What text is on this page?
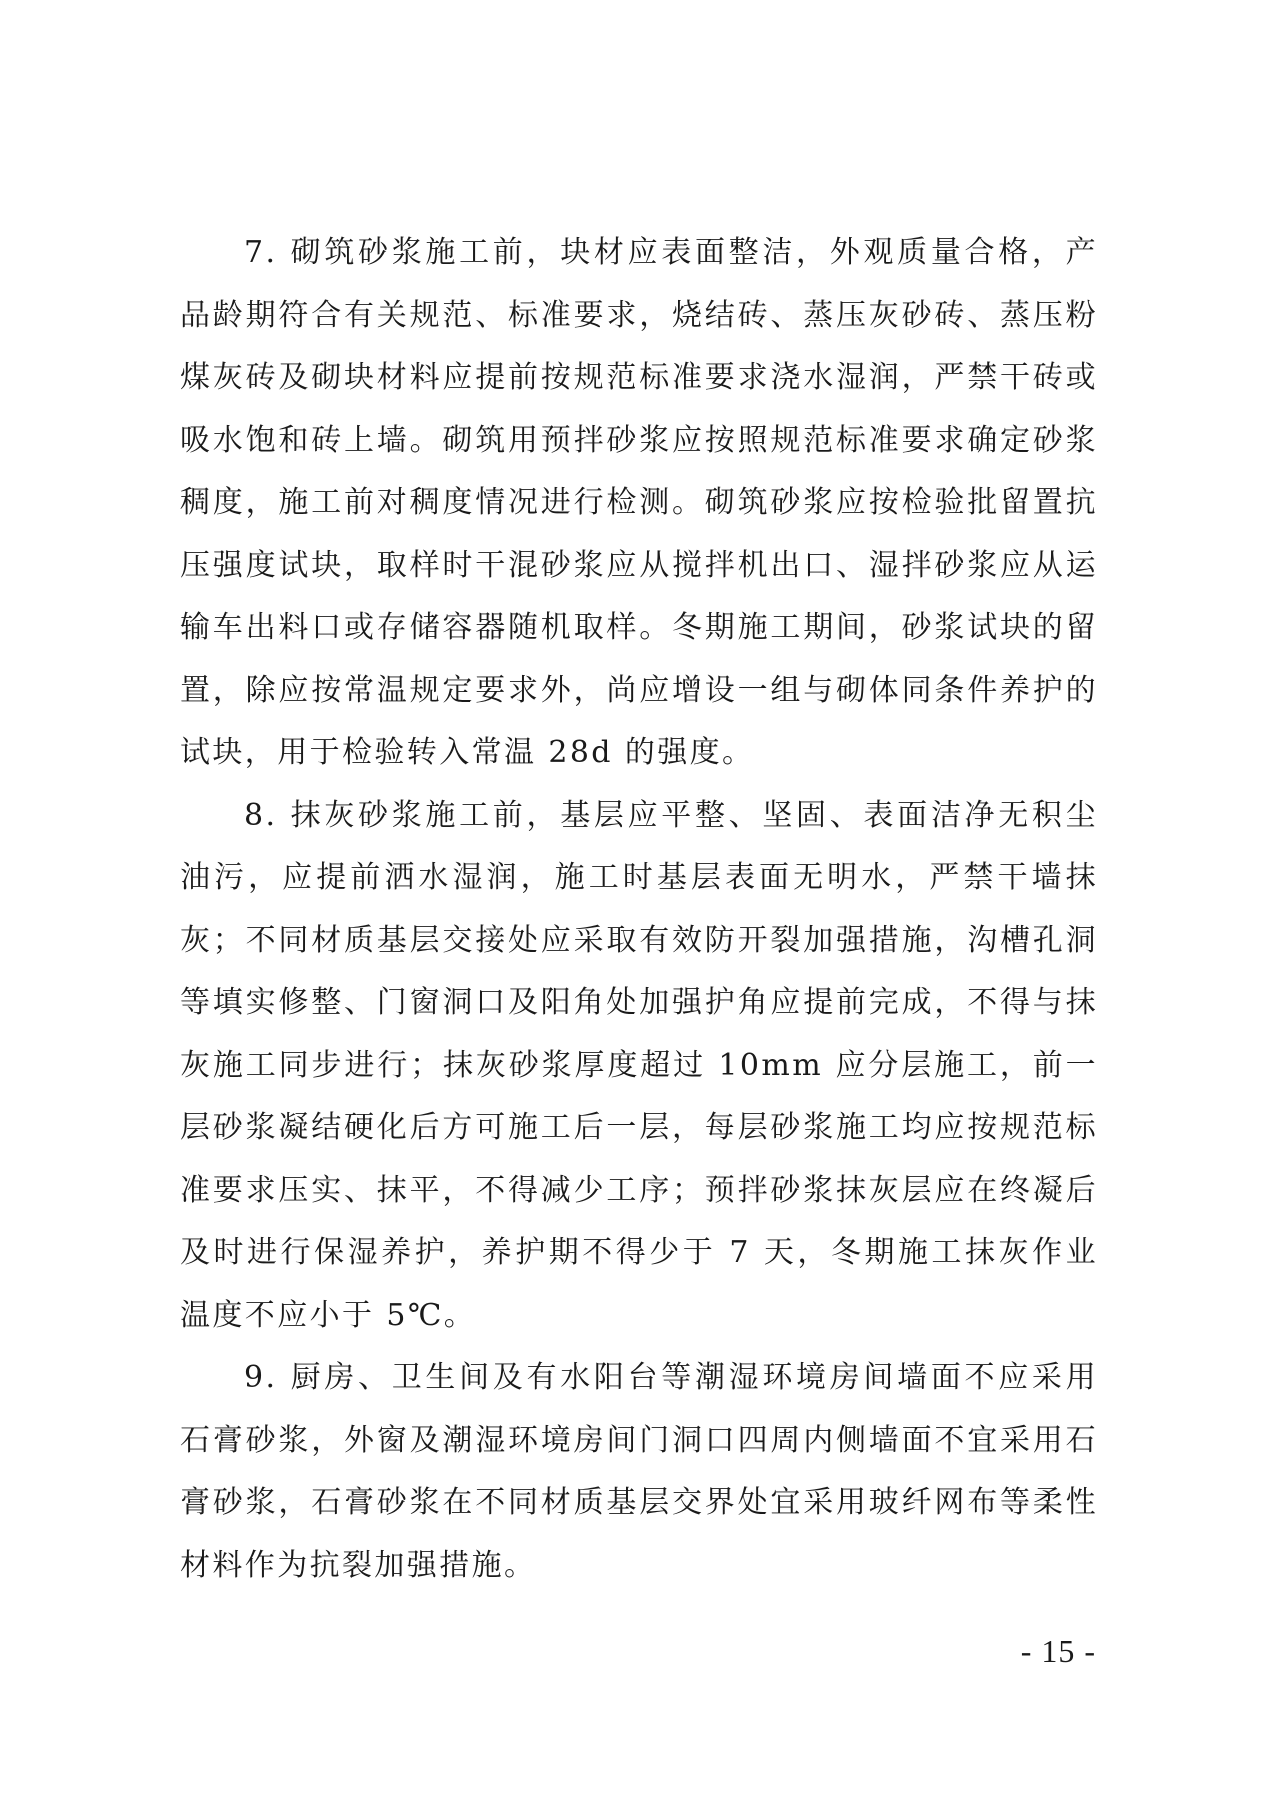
7. 砌筑砂浆施工前，块材应表面整洁，外观质量合格，产品龄期符合有关规范、标准要求，烧结砖、蒸压灰砂砖、蒸压粉煤灰砖及砌块材料应提前按规范标准要求浇水湿润，严禁干砖或吸水饱和砖上墙。砌筑用预拌砂浆应按照规范标准要求确定砂浆稠度，施工前对稠度情况进行检测。砌筑砂浆应按检验批留置抗压强度试块，取样时干混砂浆应从搅拌机出口、湿拌砂浆应从运输车出料口或存储容器随机取样。冬期施工期间，砂浆试块的留置，除应按常温规定要求外，尚应增设一组与砌体同条件养护的试块，用于检验转入常温 28d 的强度。

8. 抹灰砂浆施工前，基层应平整、坚固、表面洁净无积尘油污，应提前洒水湿润，施工时基层表面无明水，严禁干墙抹灰；不同材质基层交接处应采取有效防开裂加强措施，沟槽孔洞等填实修整、门窗洞口及阳角处加强护角应提前完成，不得与抹灰施工同步进行；抹灰砂浆厚度超过 10mm 应分层施工，前一层砂浆凝结硬化后方可施工后一层，每层砂浆施工均应按规范标准要求压实、抹平，不得减少工序；预拌砂浆抹灰层应在终凝后及时进行保湿养护，养护期不得少于 7 天，冬期施工抹灰作业温度不应小于 5℃。

9. 厨房、卫生间及有水阳台等潮湿环境房间墙面不应采用石膏砂浆，外窗及潮湿环境房间门洞口四周内侧墙面不宜采用石膏砂浆，石膏砂浆在不同材质基层交界处宜采用玻纤网布等柔性材料作为抗裂加强措施。

- 15 -
